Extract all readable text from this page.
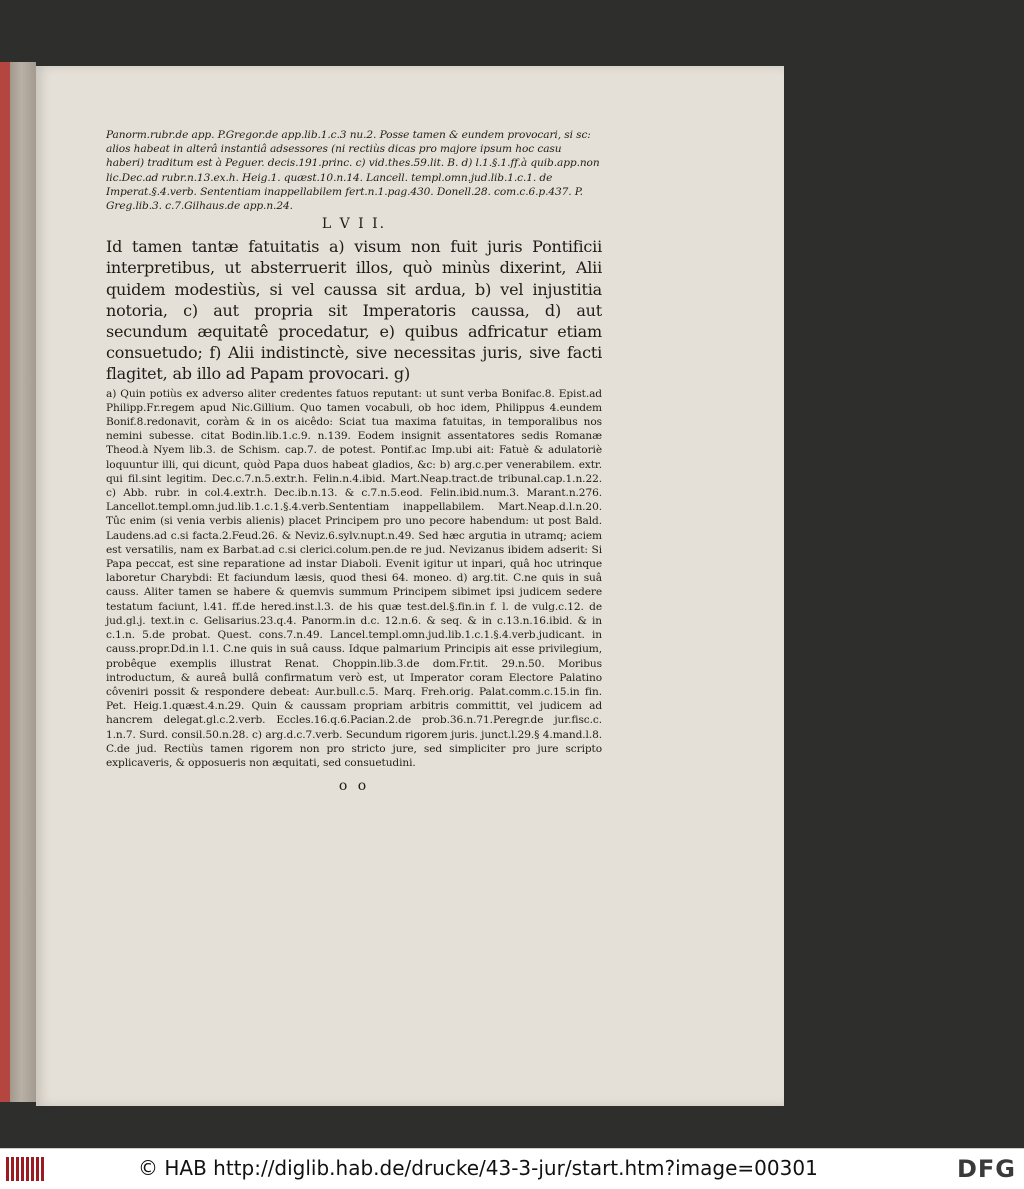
Panorm.rubr.de app. P.Gregor.de app.lib.1.c.3 nu.2. Posse tamen & eundem provocari, si sc: alios habeat in alterâ instantiâ adsessores (ni rectiùs dicas pro majore ipsum hoc casu haberi) traditum est à Peguer. decis.191.princ. c) vid.thes.59.lit. B. d) l.1.§.1.ff.à quib.app.non lic.Dec.ad rubr.n.13.ex.h. Heig.1. quæst.10.n.14. Lancell. templ.omn.jud.lib.1.c.1. de Imperat.§.4.verb. Sententiam inappellabilem fert.n.1.pag.430. Donell.28. com.c.6.p.437. P. Greg.lib.3. c.7.Gilhaus.de app.n.24.

L V I I.

Id tamen tantæ fatuitatis a) visum non fuit juris Pontificii interpretibus, ut absterruerit illos, quò minùs dixerint, Alii quidem modestiùs, si vel caussa sit ardua, b) vel injustitia notoria, c) aut propria sit Imperatoris caussa, d) aut secundum æquitatê procedatur, e) quibus adfricatur etiam consuetudo; f) Alii indistinctè, sive necessitas juris, sive facti flagitet, ab illo ad Papam provocari. g)

a) Quin potiùs ex adverso aliter credentes fatuos reputant: ut sunt verba Bonifac.8. Epist.ad Philipp.Fr.regem apud Nic.Gillium. Quo tamen vocabuli, ob hoc idem, Philippus 4.eundem Bonif.8.redonavit, coràm & in os aicêdo: Sciat tua maxima fatuitas, in temporalibus nos nemini subesse. citat Bodin.lib.1.c.9. n.139. Eodem insignit assentatores sedis Romanæ Theod.à Nyem lib.3. de Schism. cap.7. de potest. Pontif.ac Imp.ubi ait: Fatuè & adulatoriè loquuntur illi, qui dicunt, quòd Papa duos habeat gladios, &c: b) arg.c.per venerabilem. extr. qui fil.sint legitim. Dec.c.7.n.5.extr.h. Felin.n.4.ibid. Mart.Neap.tract.de tribunal.cap.1.n.22. c) Abb. rubr. in col.4.extr.h. Dec.ib.n.13. & c.7.n.5.eod. Felin.ibid.num.3. Marant.n.276. Lancellot.templ.omn.jud.lib.1.c.1.§.4.verb.Sententiam inappellabilem. Mart.Neap.d.l.n.20. Tûc enim (si venia verbis alienis) placet Principem pro uno pecore habendum: ut post Bald. Laudens.ad c.si facta.2.Feud.26. & Neviz.6.sylv.nupt.n.49. Sed hæc argutia in utramq; aciem est versatilis, nam ex Barbat.ad c.si clerici.colum.pen.de re jud. Nevizanus ibidem adserit: Si Papa peccat, est sine reparatione ad instar Diaboli. Evenit igitur ut inpari, quâ hoc utrinque laboretur Charybdi: Et faciundum læsis, quod thesi 64. moneo. d) arg.tit. C.ne quis in suâ causs. Aliter tamen se habere & quemvis summum Principem sibimet ipsi judicem sedere testatum faciunt, l.41. ff.de hered.inst.l.3. de his quæ test.del.§.fin.in f. l. de vulg.c.12. de jud.gl.j. text.in c. Gelisarius.23.q.4. Panorm.in d.c. 12.n.6. & seq. & in c.13.n.16.ibid. & in c.1.n. 5.de probat. Quest. cons.7.n.49. Lancel.templ.omn.jud.lib.1.c.1.§.4.verb.judicant. in causs.propr.Dd.in l.1. C.ne quis in suâ causs. Idque palmarium Principis ait esse privilegium, probêque exemplis illustrat Renat. Choppin.lib.3.de dom.Fr.tit. 29.n.50. Moribus introductum, & aureâ bullâ confirmatum verò est, ut Imperator coram Electore Palatino côveniri possit & respondere debeat: Aur.bull.c.5. Marq. Freh.orig. Palat.comm.c.15.in fin. Pet. Heig.1.quæst.4.n.29. Quin & caussam propriam arbitris committit, vel judicem ad hancrem delegat.gl.c.2.verb. Eccles.16.q.6.Pacian.2.de prob.36.n.71.Peregr.de jur.fisc.c. 1.n.7. Surd. consil.50.n.28. c) arg.d.c.7.verb. Secundum rigorem juris. junct.l.29.§ 4.mand.l.8. C.de jud. Rectiùs tamen rigorem non pro stricto jure, sed simpliciter pro jure scripto explicaveris, & opposueris non æquitati, sed consuetudini.

o o
© HAB http://diglib.hab.de/drucke/43-3-jur/start.htm?image=00301	DFG
